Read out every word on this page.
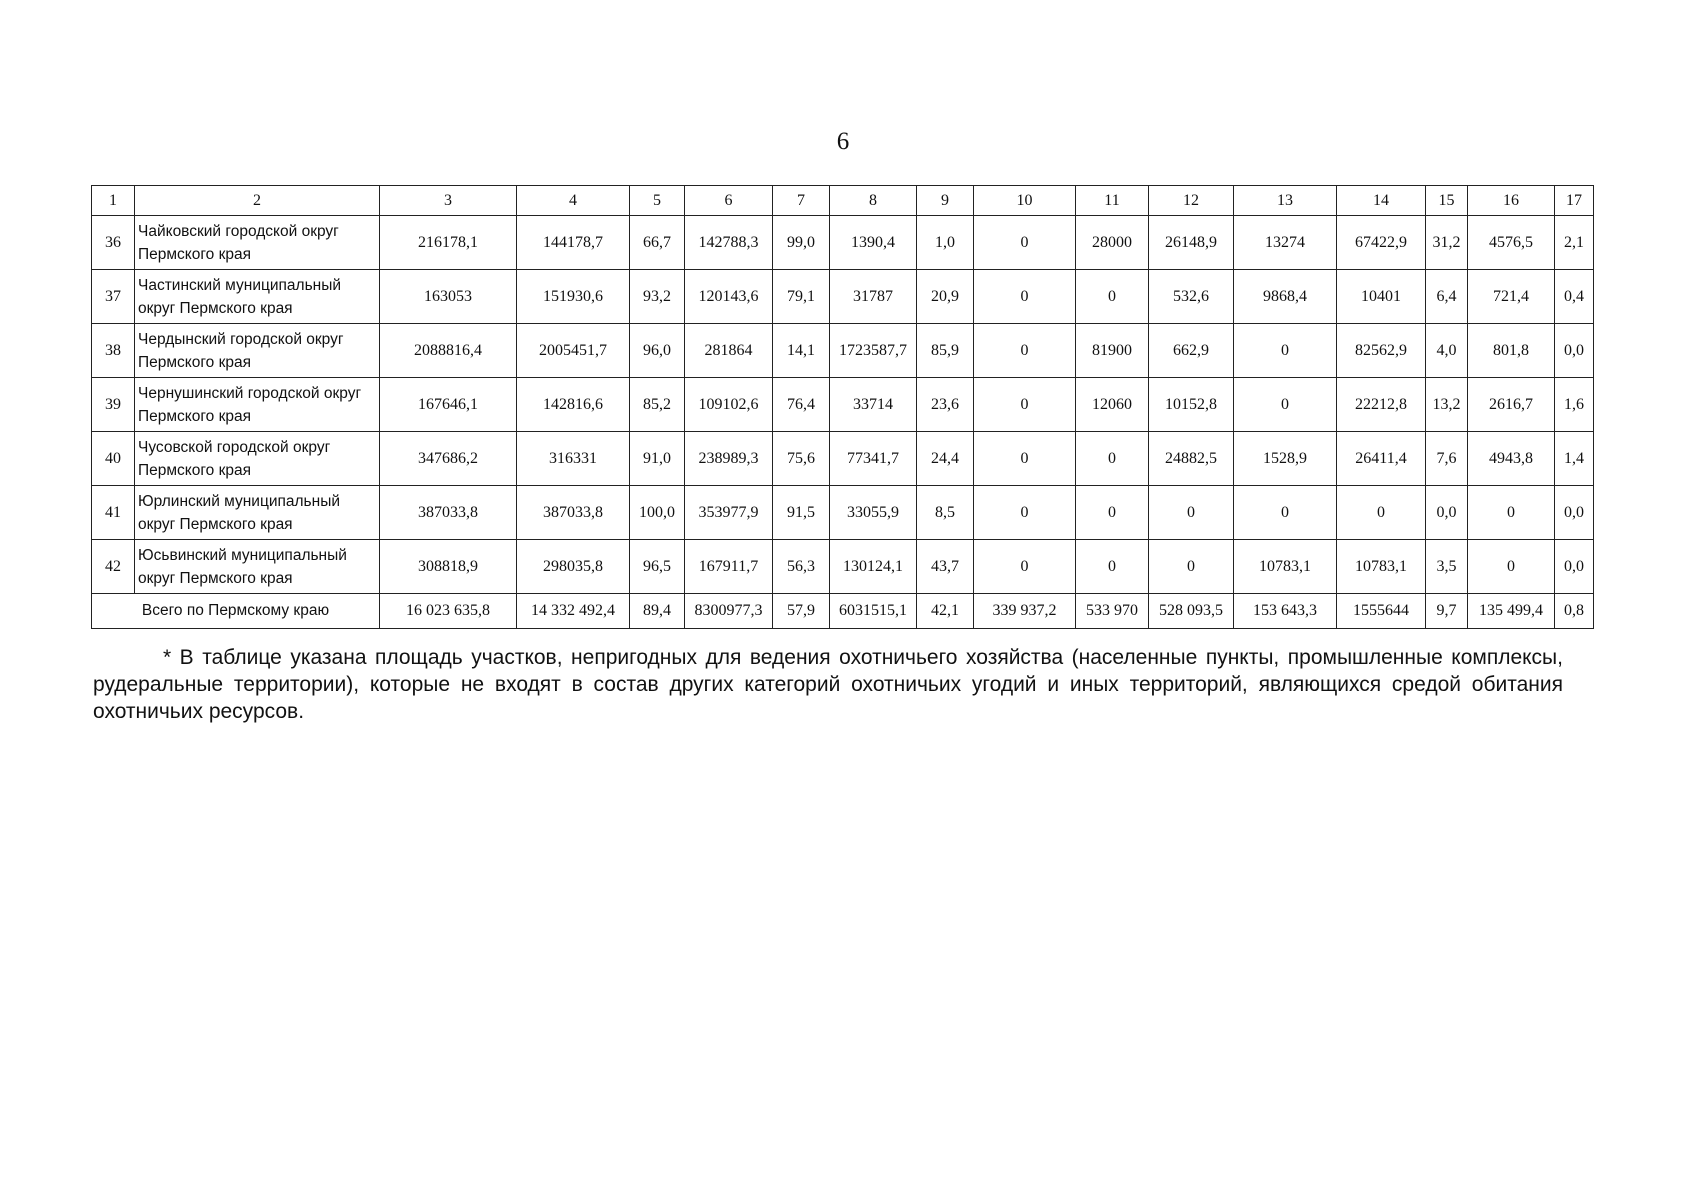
6
1	2	3	4	5	6	7	8	9	10	11	12	13	14	15	16	17
36	Чайковский городской округ Пермского края	216178,1	144178,7	66,7	142788,3	99,0	1390,4	1,0	0	28000	26148,9	13274	67422,9	31,2	4576,5	2,1
37	Частинский муниципальный округ Пермского края	163053	151930,6	93,2	120143,6	79,1	31787	20,9	0	0	532,6	9868,4	10401	6,4	721,4	0,4
38	Чердынский городской округ Пермского края	2088816,4	2005451,7	96,0	281864	14,1	1723587,7	85,9	0	81900	662,9	0	82562,9	4,0	801,8	0,0
39	Чернушинский городской округ Пермского края	167646,1	142816,6	85,2	109102,6	76,4	33714	23,6	0	12060	10152,8	0	22212,8	13,2	2616,7	1,6
40	Чусовской городской округ Пермского края	347686,2	316331	91,0	238989,3	75,6	77341,7	24,4	0	0	24882,5	1528,9	26411,4	7,6	4943,8	1,4
41	Юрлинский муниципальный округ Пермского края	387033,8	387033,8	100,0	353977,9	91,5	33055,9	8,5	0	0	0	0	0	0,0	0	0,0
42	Юсьвинский муниципальный округ Пермского края	308818,9	298035,8	96,5	167911,7	56,3	130124,1	43,7	0	0	0	10783,1	10783,1	3,5	0	0,0
Всего по Пермскому краю		16 023 635,8	14 332 492,4	89,4	8300977,3	57,9	6031515,1	42,1	339 937,2	533 970	528 093,5	153 643,3	1555644	9,7	135 499,4	0,8
* В таблице указана площадь участков, непригодных для ведения охотничьего хозяйства (населенные пункты, промышленные комплексы, рудеральные территории), которые не входят в состав других категорий охотничьих угодий и иных территорий, являющихся средой обитания охотничьих ресурсов.
